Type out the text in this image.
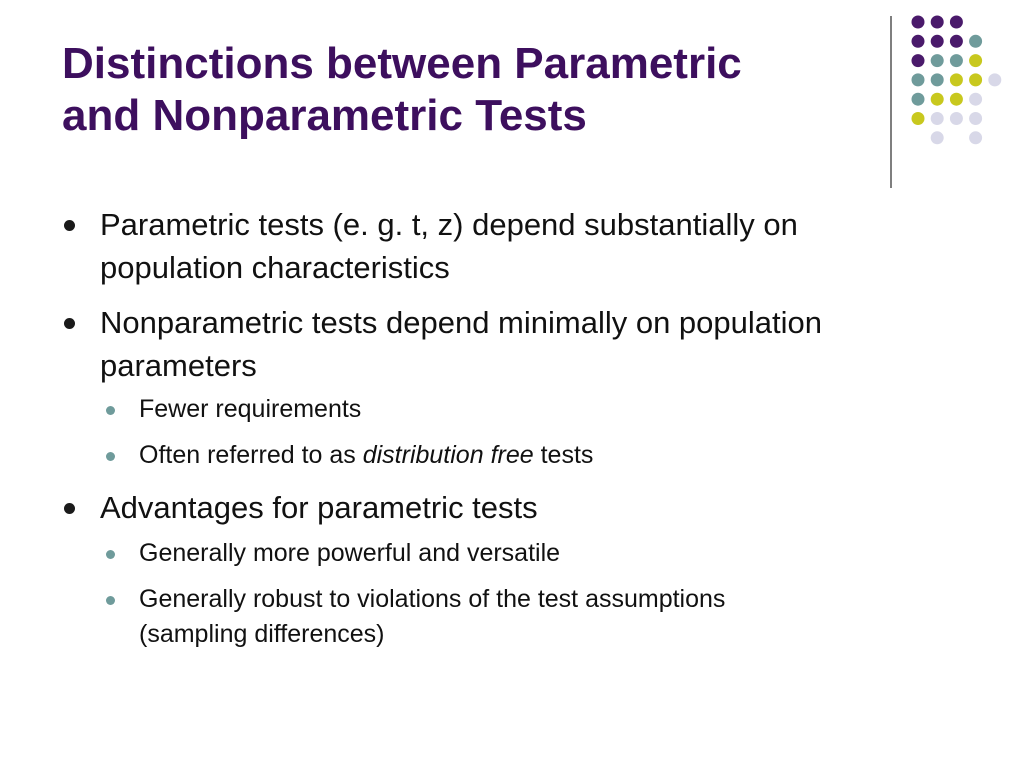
Distinctions between Parametric
and Nonparametric Tests
Parametric tests (e. g. t, z) depend substantially on
population characteristics
Nonparametric tests depend minimally on population
parameters
Fewer requirements
Often referred to as distribution free tests
Advantages for parametric tests
Generally more powerful and versatile
Generally robust to violations of the test assumptions
(sampling differences)
